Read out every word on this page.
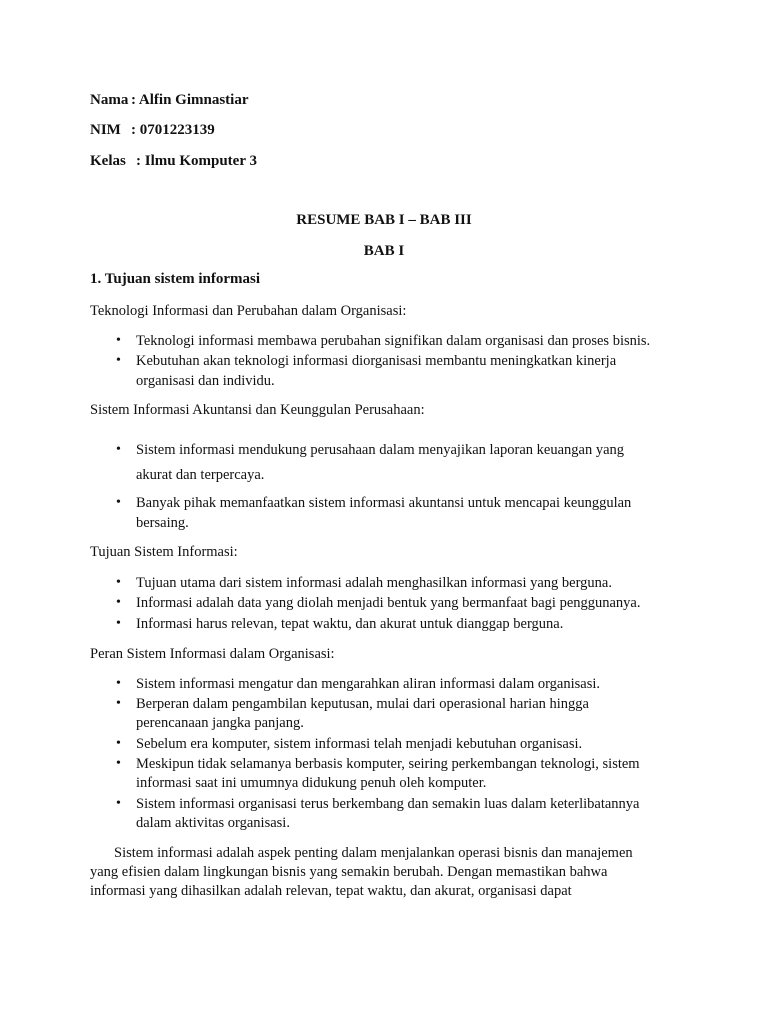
Nama : Alfin Gimnastiar
NIM : 0701223139
Kelas : Ilmu Komputer 3
RESUME BAB I – BAB III
BAB I
1. Tujuan sistem informasi
Teknologi Informasi dan Perubahan dalam Organisasi:
•	Teknologi informasi membawa perubahan signifikan dalam organisasi dan proses bisnis.
•	Kebutuhan akan teknologi informasi diorganisasi membantu meningkatkan kinerja
organisasi dan individu.
Sistem Informasi Akuntansi dan Keunggulan Perusahaan:
•	Sistem informasi mendukung perusahaan dalam menyajikan laporan keuangan yang
akurat dan terpercaya.
•	Banyak pihak memanfaatkan sistem informasi akuntansi untuk mencapai keunggulan
bersaing.
Tujuan Sistem Informasi:
•	Tujuan utama dari sistem informasi adalah menghasilkan informasi yang berguna.
•	Informasi adalah data yang diolah menjadi bentuk yang bermanfaat bagi penggunanya.
•	Informasi harus relevan, tepat waktu, dan akurat untuk dianggap berguna.
Peran Sistem Informasi dalam Organisasi:
•	Sistem informasi mengatur dan mengarahkan aliran informasi dalam organisasi.
•	Berperan dalam pengambilan keputusan, mulai dari operasional harian hingga
perencanaan jangka panjang.
•	Sebelum era komputer, sistem informasi telah menjadi kebutuhan organisasi.
•	Meskipun tidak selamanya berbasis komputer, seiring perkembangan teknologi, sistem
informasi saat ini umumnya didukung penuh oleh komputer.
•	Sistem informasi organisasi terus berkembang dan semakin luas dalam keterlibatannya
dalam aktivitas organisasi.
Sistem informasi adalah aspek penting dalam menjalankan operasi bisnis dan manajemen
yang efisien dalam lingkungan bisnis yang semakin berubah. Dengan memastikan bahwa
informasi yang dihasilkan adalah relevan, tepat waktu, dan akurat, organisasi dapat
